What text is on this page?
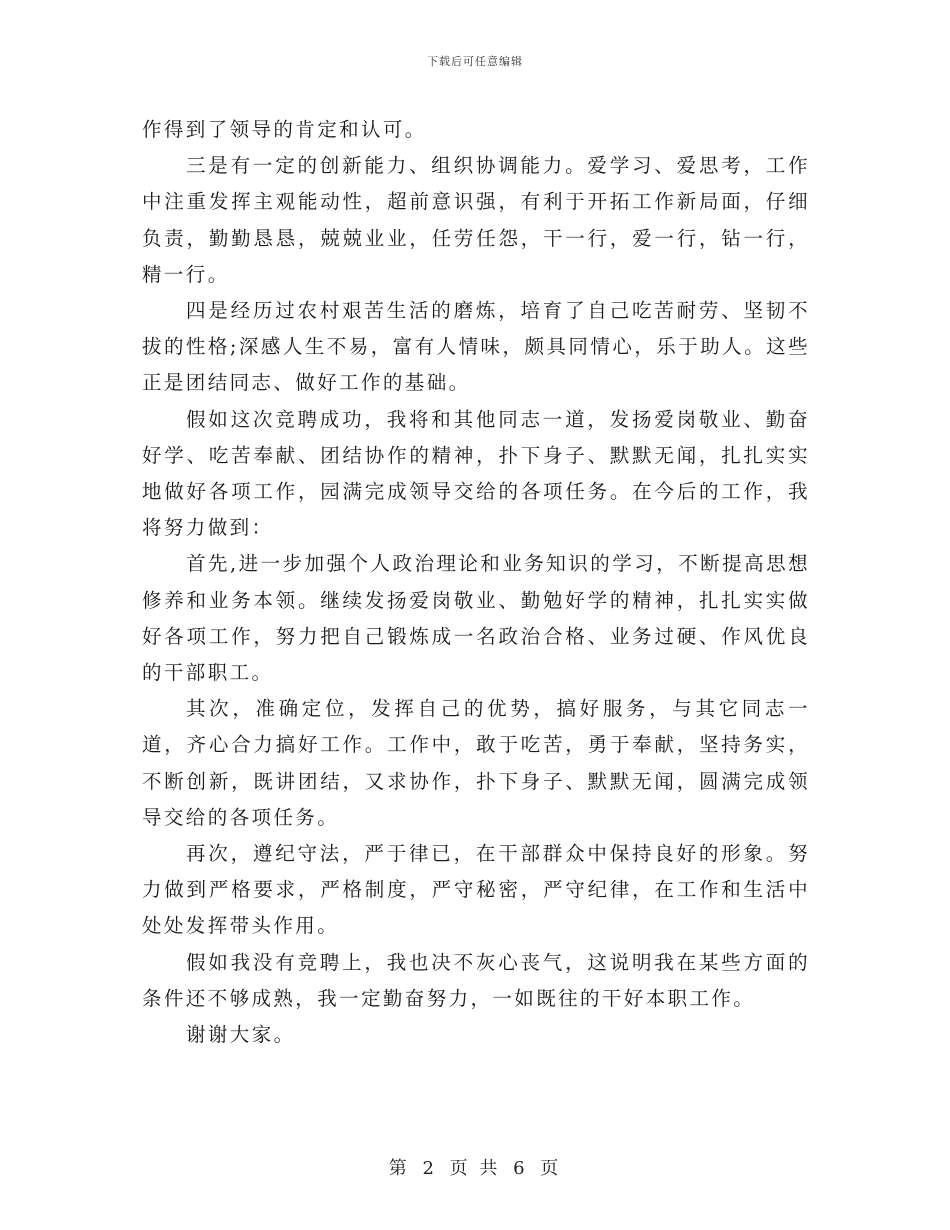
下载后可任意编辑

作得到了领导的肯定和认可。

三是有一定的创新能力、组织协调能力。爱学习、爱思考，工作中注重发挥主观能动性，超前意识强，有利于开拓工作新局面，仔细负责，勤勤恳恳，兢兢业业，任劳任怨，干一行，爱一行，钻一行，精一行。

四是经历过农村艰苦生活的磨炼，培育了自己吃苦耐劳、坚韧不拔的性格;深感人生不易，富有人情味，颇具同情心，乐于助人。这些正是团结同志、做好工作的基础。

假如这次竞聘成功，我将和其他同志一道，发扬爱岗敬业、勤奋好学、吃苦奉献、团结协作的精神，扑下身子、默默无闻，扎扎实实地做好各项工作，园满完成领导交给的各项任务。在今后的工作，我将努力做到：

首先,进一步加强个人政治理论和业务知识的学习，不断提高思想修养和业务本领。继续发扬爱岗敬业、勤勉好学的精神，扎扎实实做好各项工作，努力把自己锻炼成一名政治合格、业务过硬、作风优良的干部职工。

其次，准确定位，发挥自己的优势，搞好服务，与其它同志一道，齐心合力搞好工作。工作中，敢于吃苦，勇于奉献，坚持务实，不断创新，既讲团结，又求协作，扑下身子、默默无闻，圆满完成领导交给的各项任务。

再次，遵纪守法，严于律已，在干部群众中保持良好的形象。努力做到严格要求，严格制度，严守秘密，严守纪律，在工作和生活中处处发挥带头作用。

假如我没有竞聘上，我也决不灰心丧气，这说明我在某些方面的条件还不够成熟，我一定勤奋努力，一如既往的干好本职工作。

谢谢大家。

第 2 页 共 6 页
